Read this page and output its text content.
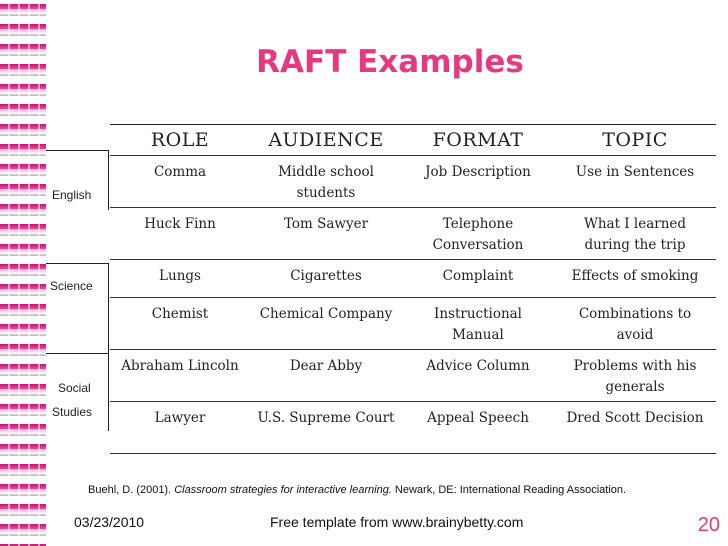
RAFT Examples
English
Science
Social
Studies
ROLE	AUDIENCE	FORMAT	TOPIC
Comma	Middle school students	Job Description	Use in Sentences
Huck Finn	Tom Sawyer	Telephone Conversation	What I learned during the trip
Lungs	Cigarettes	Complaint	Effects of smoking
Chemist	Chemical Company	Instructional Manual	Combinations to avoid
Abraham Lincoln	Dear Abby	Advice Column	Problems with his generals
Lawyer	U.S. Supreme Court	Appeal Speech	Dred Scott Decision
Buehl, D. (2001). Classroom strategies for interactive learning. Newark, DE: International Reading Association.
03/23/2010	Free template from www.brainybetty.com	20
